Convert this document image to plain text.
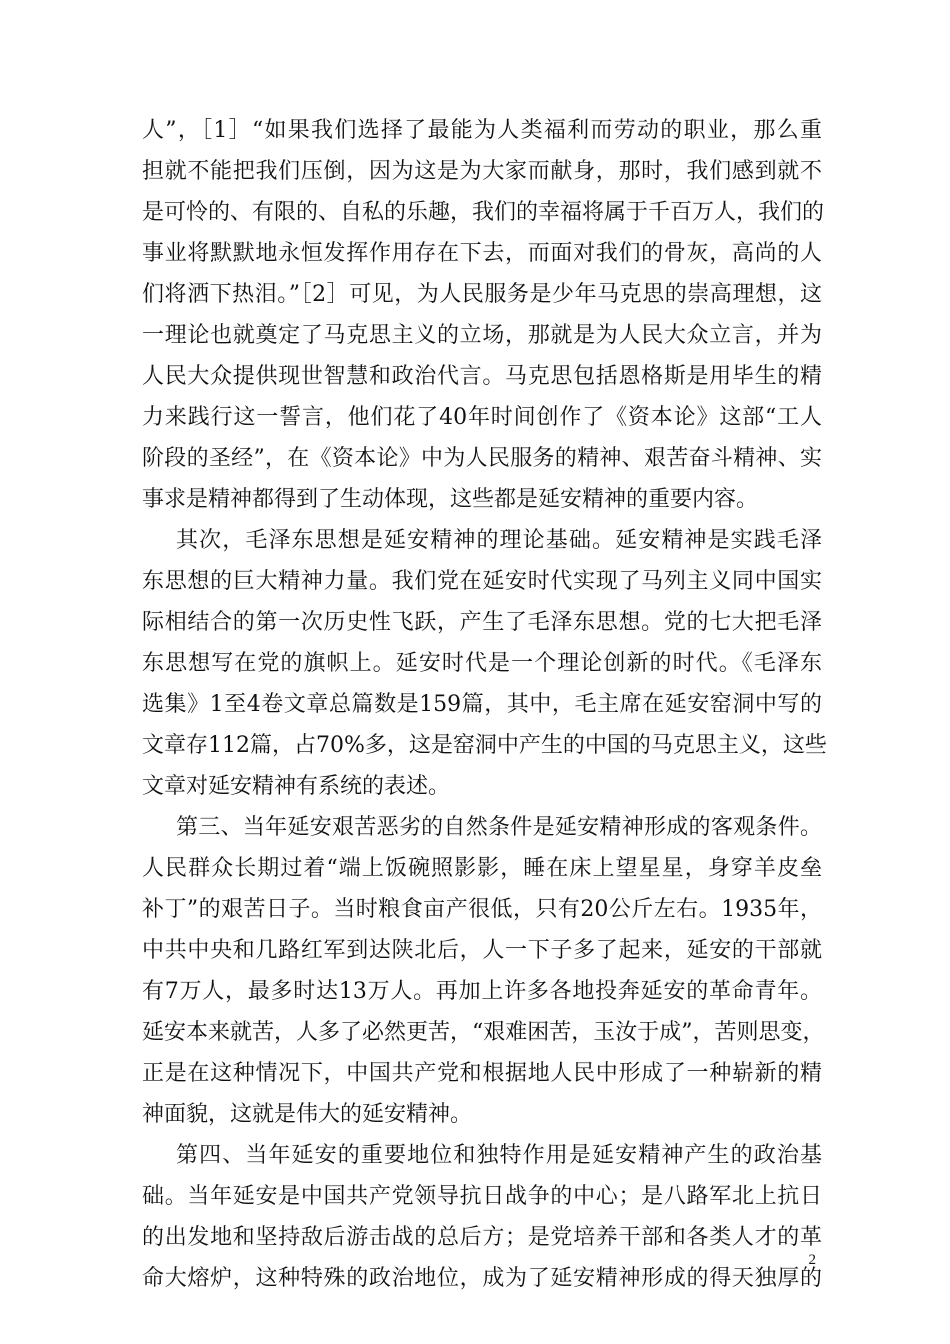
人”，［1］“如果我们选择了最能为人类福利而劳动的职业，那么重
担就不能把我们压倒，因为这是为大家而献身，那时，我们感到就不
是可怜的、有限的、自私的乐趣，我们的幸福将属于千百万人，我们的
事业将默默地永恒发挥作用存在下去，而面对我们的骨灰，高尚的人
们将洒下热泪。”［2］可见，为人民服务是少年马克思的崇高理想，这
一理论也就奠定了马克思主义的立场，那就是为人民大众立言，并为
人民大众提供现世智慧和政治代言。马克思包括恩格斯是用毕生的精
力来践行这一誓言，他们花了40年时间创作了《资本论》这部“工人
阶段的圣经”，在《资本论》中为人民服务的精神、艰苦奋斗精神、实
事求是精神都得到了生动体现，这些都是延安精神的重要内容。
其次，毛泽东思想是延安精神的理论基础。延安精神是实践毛泽
东思想的巨大精神力量。我们党在延安时代实现了马列主义同中国实
际相结合的第一次历史性飞跃，产生了毛泽东思想。党的七大把毛泽
东思想写在党的旗帜上。延安时代是一个理论创新的时代。《毛泽东
选集》1至4卷文章总篇数是159篇，其中，毛主席在延安窑洞中写的
文章存112篇，占70%多，这是窑洞中产生的中国的马克思主义，这些
文章对延安精神有系统的表述。
第三、当年延安艰苦恶劣的自然条件是延安精神形成的客观条件。
人民群众长期过着“端上饭碗照影影，睡在床上望星星，身穿羊皮垒
补丁”的艰苦日子。当时粮食亩产很低，只有20公斤左右。1935年，
中共中央和几路红军到达陕北后，人一下子多了起来，延安的干部就
有7万人，最多时达13万人。再加上许多各地投奔延安的革命青年。
延安本来就苦，人多了必然更苦，“艰难困苦，玉汝于成”，苦则思变，
正是在这种情况下，中国共产党和根据地人民中形成了一种崭新的精
神面貌，这就是伟大的延安精神。
第四、当年延安的重要地位和独特作用是延安精神产生的政治基
础。当年延安是中国共产党领导抗日战争的中心；是八路军北上抗日
的出发地和坚持敌后游击战的总后方；是党培养干部和各类人才的革
命大熔炉，这种特殊的政治地位，成为了延安精神形成的得天独厚的
2
